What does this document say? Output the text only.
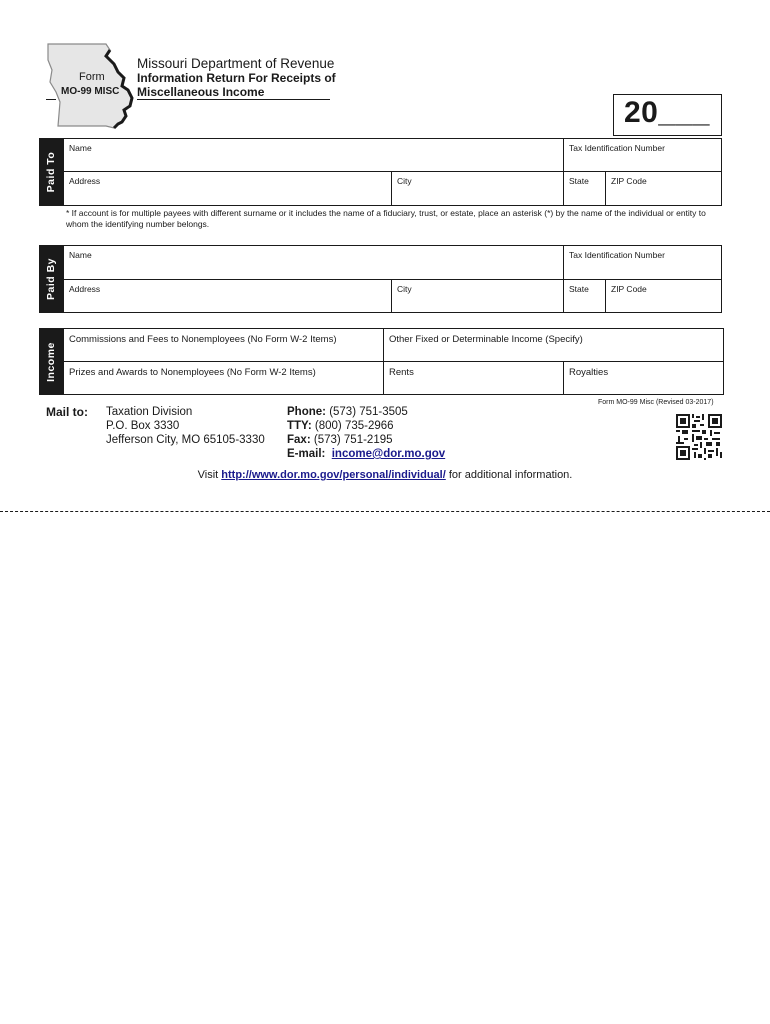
Form
MO-99 MISC
Missouri Department of Revenue
Information Return For Receipts of
Miscellaneous Income
20___
Paid To
Name	Tax Identification Number
Address	City	State	ZIP Code
* If account is for multiple payees with different surname or it includes the name of a fiduciary, trust, or estate, place an asterisk (*) by the name of the individual or entity to whom the identifying number belongs.
Paid By
Name	Tax Identification Number
Address	City	State	ZIP Code
Income
Commissions and Fees to Nonemployees (No Form W-2 Items)	Other Fixed or Determinable Income (Specify)
Prizes and Awards to Nonemployees (No Form W-2 Items)	Rents	Royalties
Form MO-99 Misc (Revised 03-2017)
Mail to: Taxation Division
P.O. Box 3330
Jefferson City, MO 65105-3330
Phone: (573) 751-3505
TTY: (800) 735-2966
Fax: (573) 751-2195
E-mail: income@dor.mo.gov
Visit http://www.dor.mo.gov/personal/individual/ for additional information.
